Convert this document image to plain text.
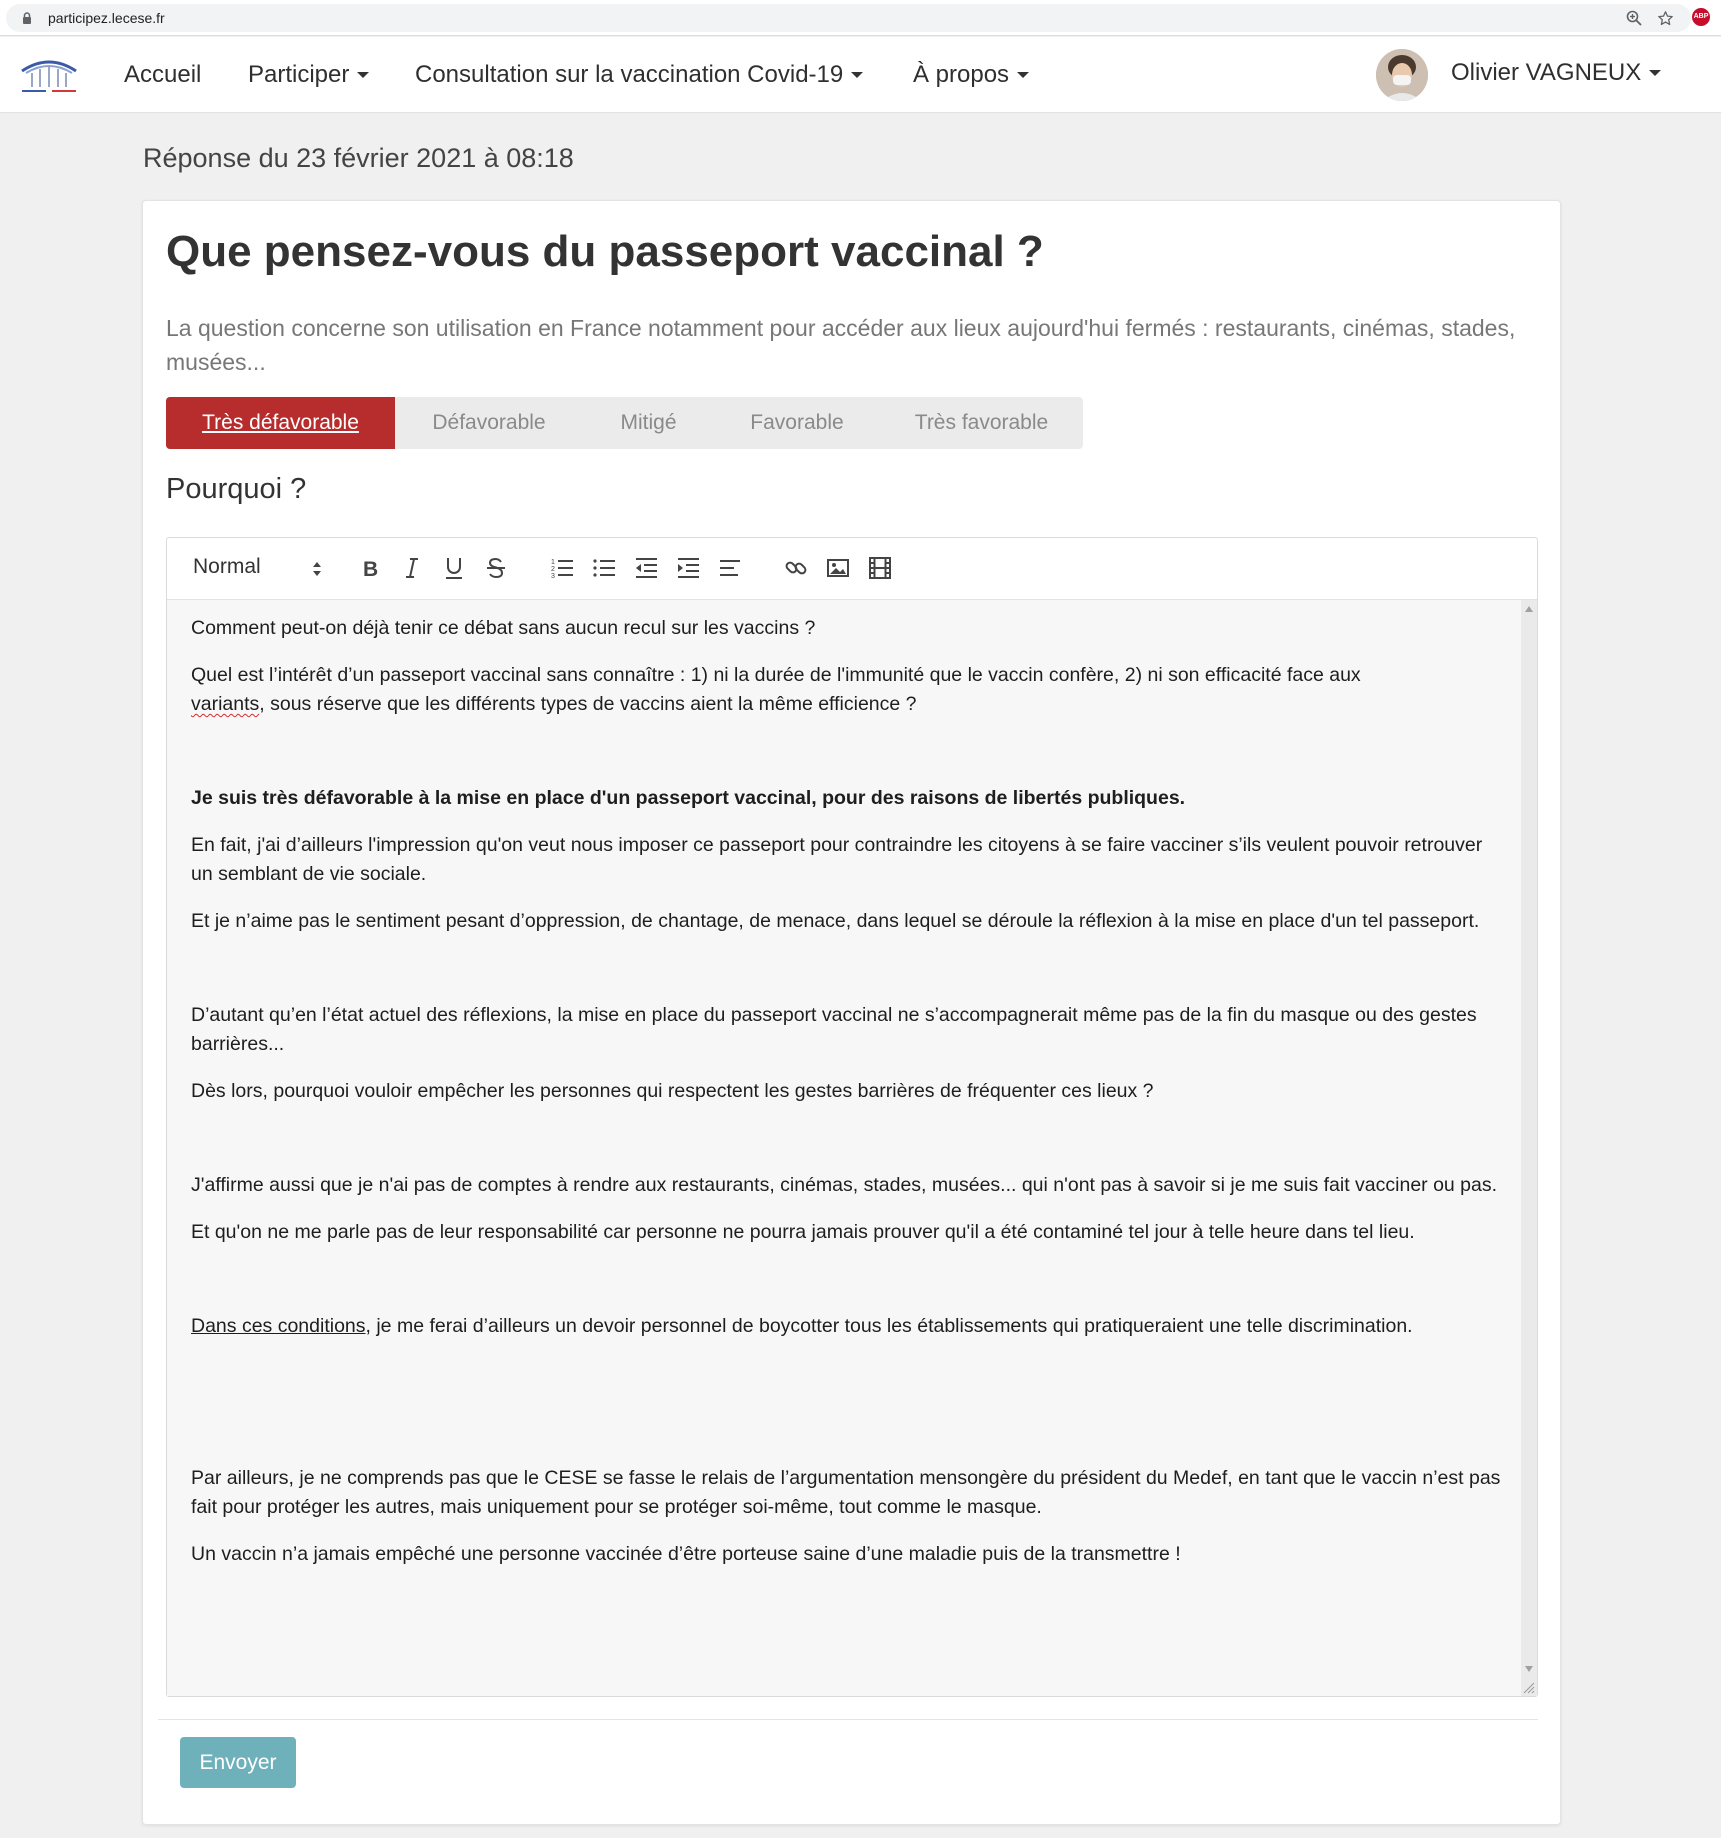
participez.lecese.fr	ABP
Accueil Participer	Consultation sur la vaccination Covid-19	À propos	Olivier VAGNEUX
Réponse du 23 février 2021 à 08:18
Que pensez-vous du passeport vaccinal ?
La question concerne son utilisation en France notamment pour accéder aux lieux aujourd'hui fermés : restaurants, cinémas, stades, musées...
Très défavorable	Défavorable	Mitigé	Favorable	Très favorable
Pourquoi ?
Normal	B	1
2
3

Comment peut-on déjà tenir ce débat sans aucun recul sur les vaccins ?

Quel est l’intérêt d’un passeport vaccinal sans connaître : 1) ni la durée de l'immunité que le vaccin confère, 2) ni son efficacité face aux
variants, sous réserve que les différents types de vaccins aient la même efficience ?

Je suis très défavorable à la mise en place d'un passeport vaccinal, pour des raisons de libertés publiques.

En fait, j'ai d’ailleurs l'impression qu'on veut nous imposer ce passeport pour contraindre les citoyens à se faire vacciner s’ils veulent pouvoir retrouver un semblant de vie sociale.

Et je n’aime pas le sentiment pesant d’oppression, de chantage, de menace, dans lequel se déroule la réflexion à la mise en place d'un tel passeport.

D’autant qu’en l’état actuel des réflexions, la mise en place du passeport vaccinal ne s’accompagnerait même pas de la fin du masque ou des gestes barrières...

Dès lors, pourquoi vouloir empêcher les personnes qui respectent les gestes barrières de fréquenter ces lieux ?

J'affirme aussi que je n'ai pas de comptes à rendre aux restaurants, cinémas, stades, musées... qui n'ont pas à savoir si je me suis fait vacciner ou pas.

Et qu'on ne me parle pas de leur responsabilité car personne ne pourra jamais prouver qu'il a été contaminé tel jour à telle heure dans tel lieu.

Dans ces conditions, je me ferai d’ailleurs un devoir personnel de boycotter tous les établissements qui pratiqueraient une telle discrimination.

Par ailleurs, je ne comprends pas que le CESE se fasse le relais de l’argumentation mensongère du président du Medef, en tant que le vaccin n’est pas fait pour protéger les autres, mais uniquement pour se protéger soi-même, tout comme le masque.

Un vaccin n’a jamais empêché une personne vaccinée d’être porteuse saine d’une maladie puis de la transmettre !

Envoyer
